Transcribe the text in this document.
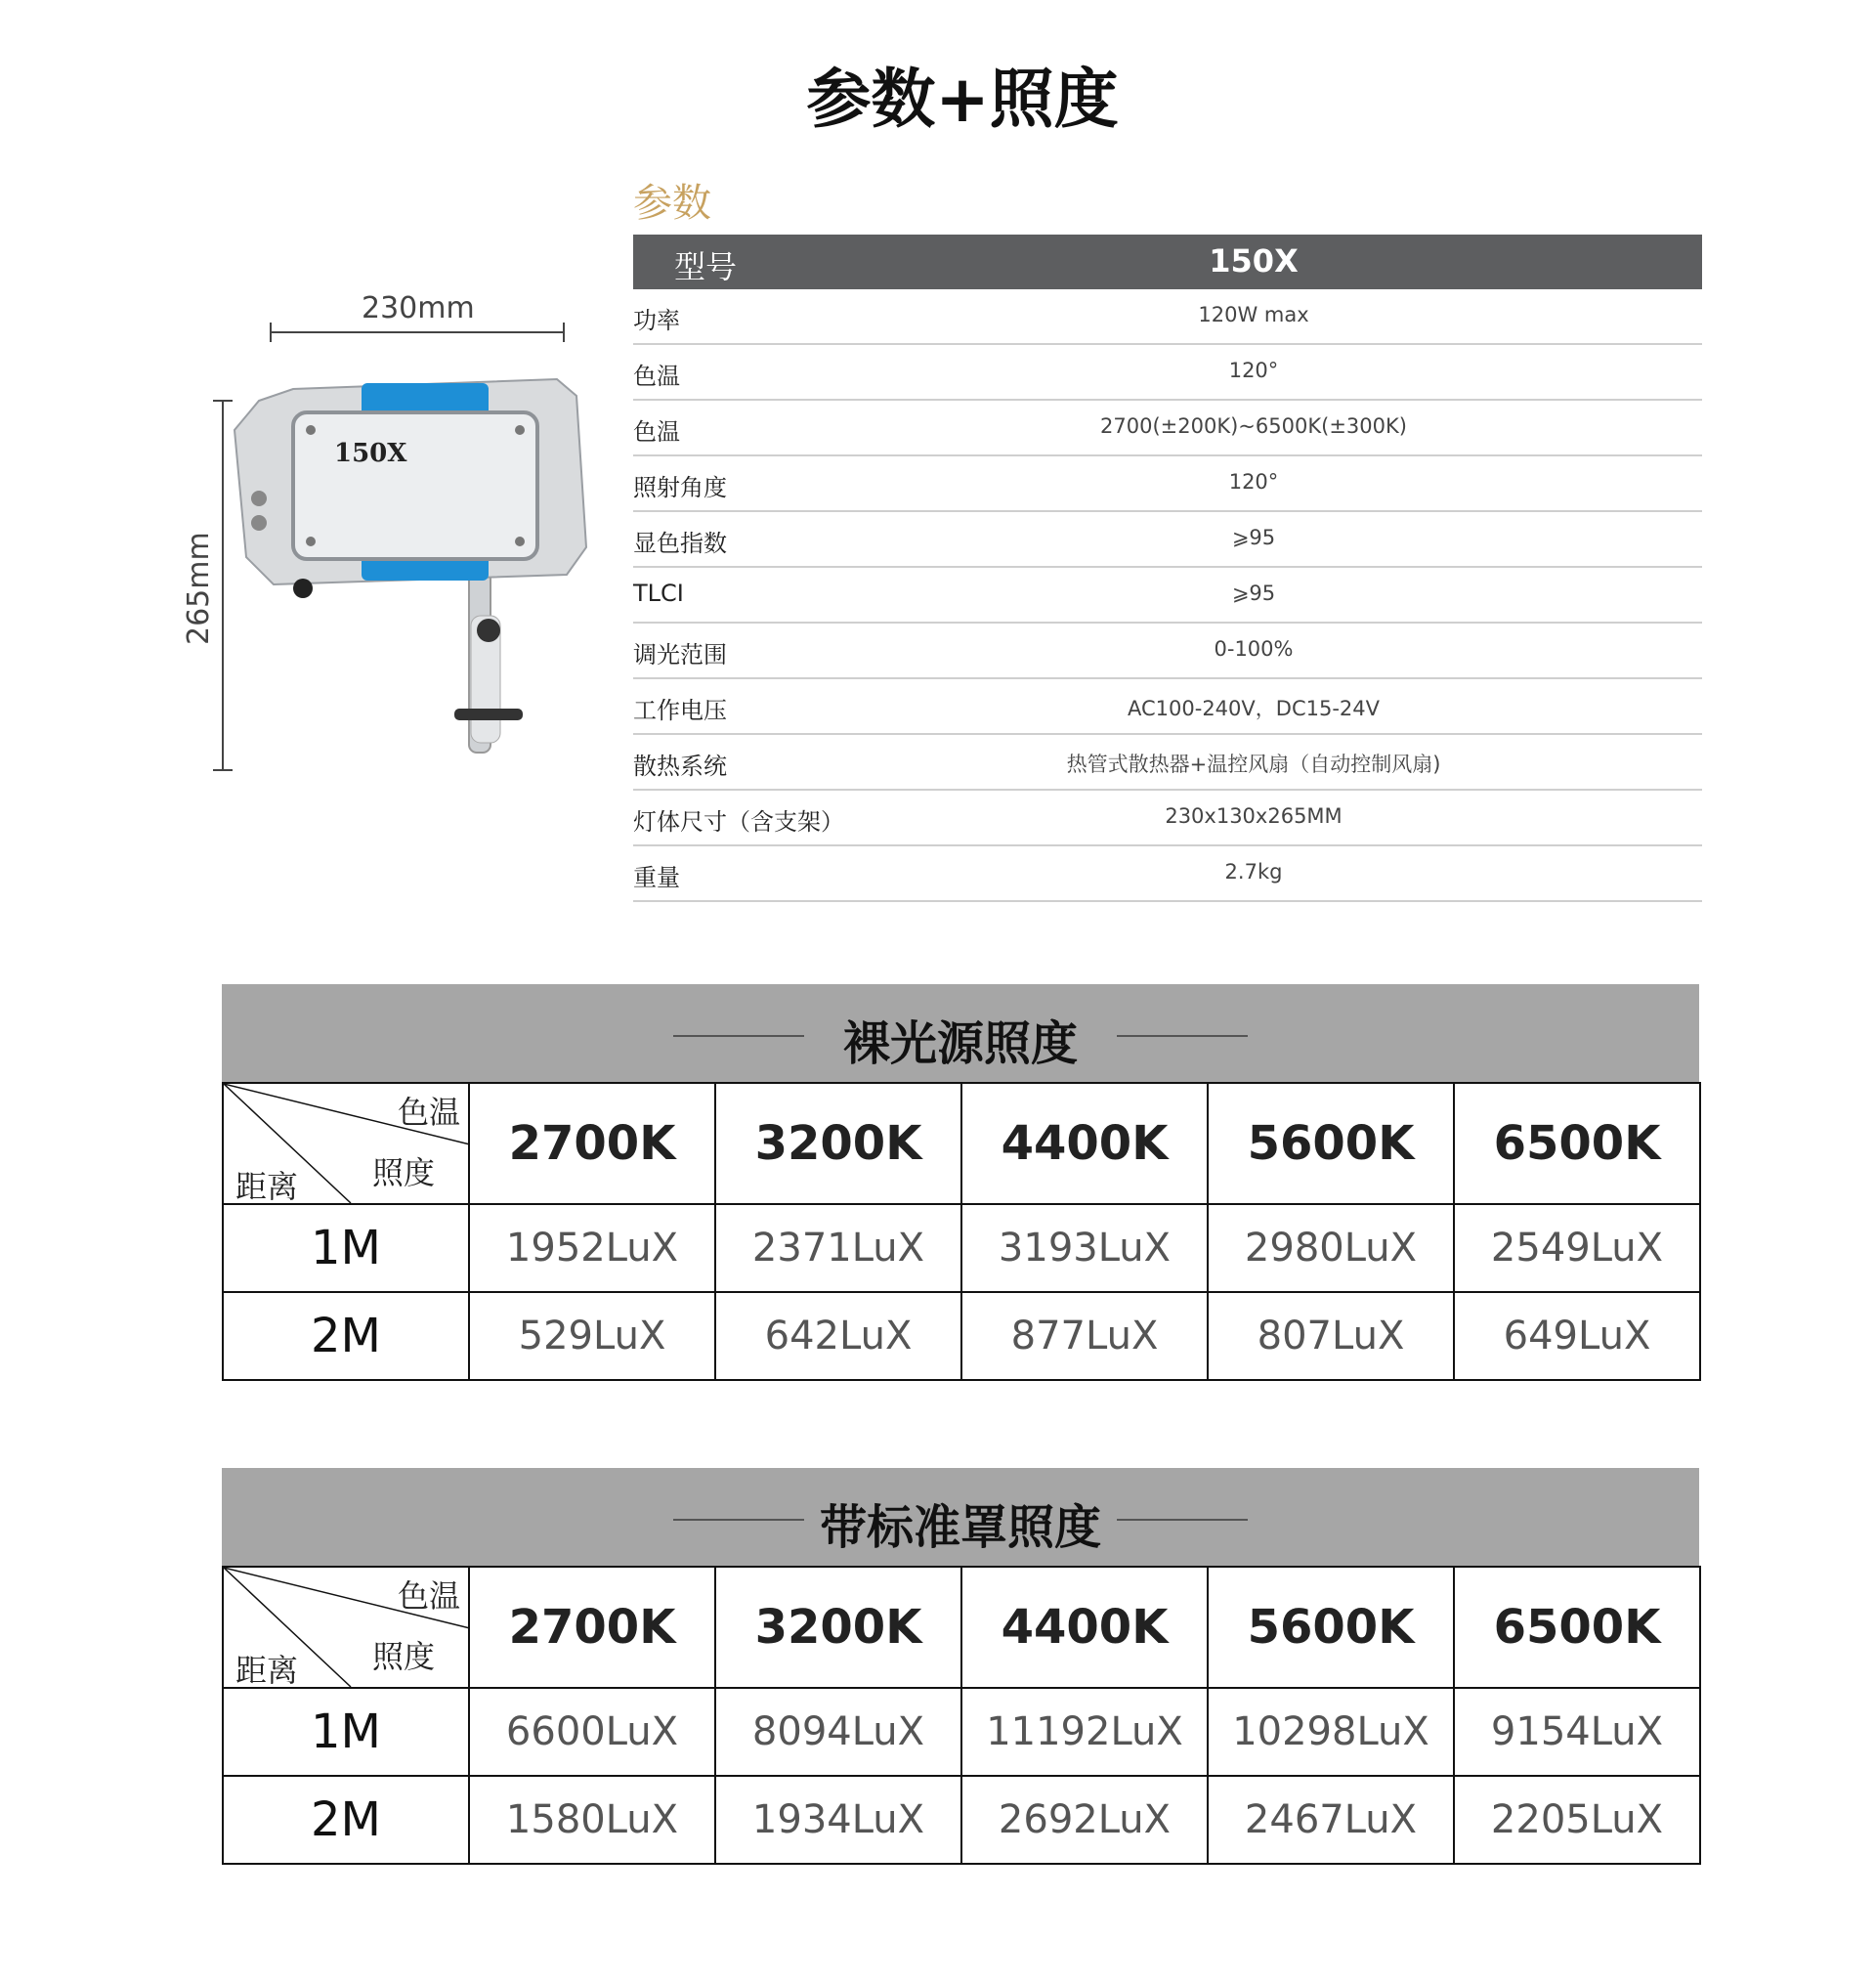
参数+照度
230mm
265mm
150X
参数
型号	150X
功率	120W max
色温	120°
色温	2700(±200K)~6500K(±300K)
照射角度	120°
显色指数	⩾95
TLCI	⩾95
调光范围	0-100%
工作电压	AC100-240V，DC15-24V
散热系统	热管式散热器+温控风扇（自动控制风扇)
灯体尺寸（含支架）	230x130x265MM
重量	2.7kg
裸光源照度
色温
照度
距离	2700K	3200K	4400K	5600K	6500K
1M	1952LuX	2371LuX	3193LuX	2980LuX	2549LuX
2M	529LuX	642LuX	877LuX	807LuX	649LuX
带标准罩照度
色温
照度
距离	2700K	3200K	4400K	5600K	6500K
1M	6600LuX	8094LuX	11192LuX	10298LuX	9154LuX
2M	1580LuX	1934LuX	2692LuX	2467LuX	2205LuX
